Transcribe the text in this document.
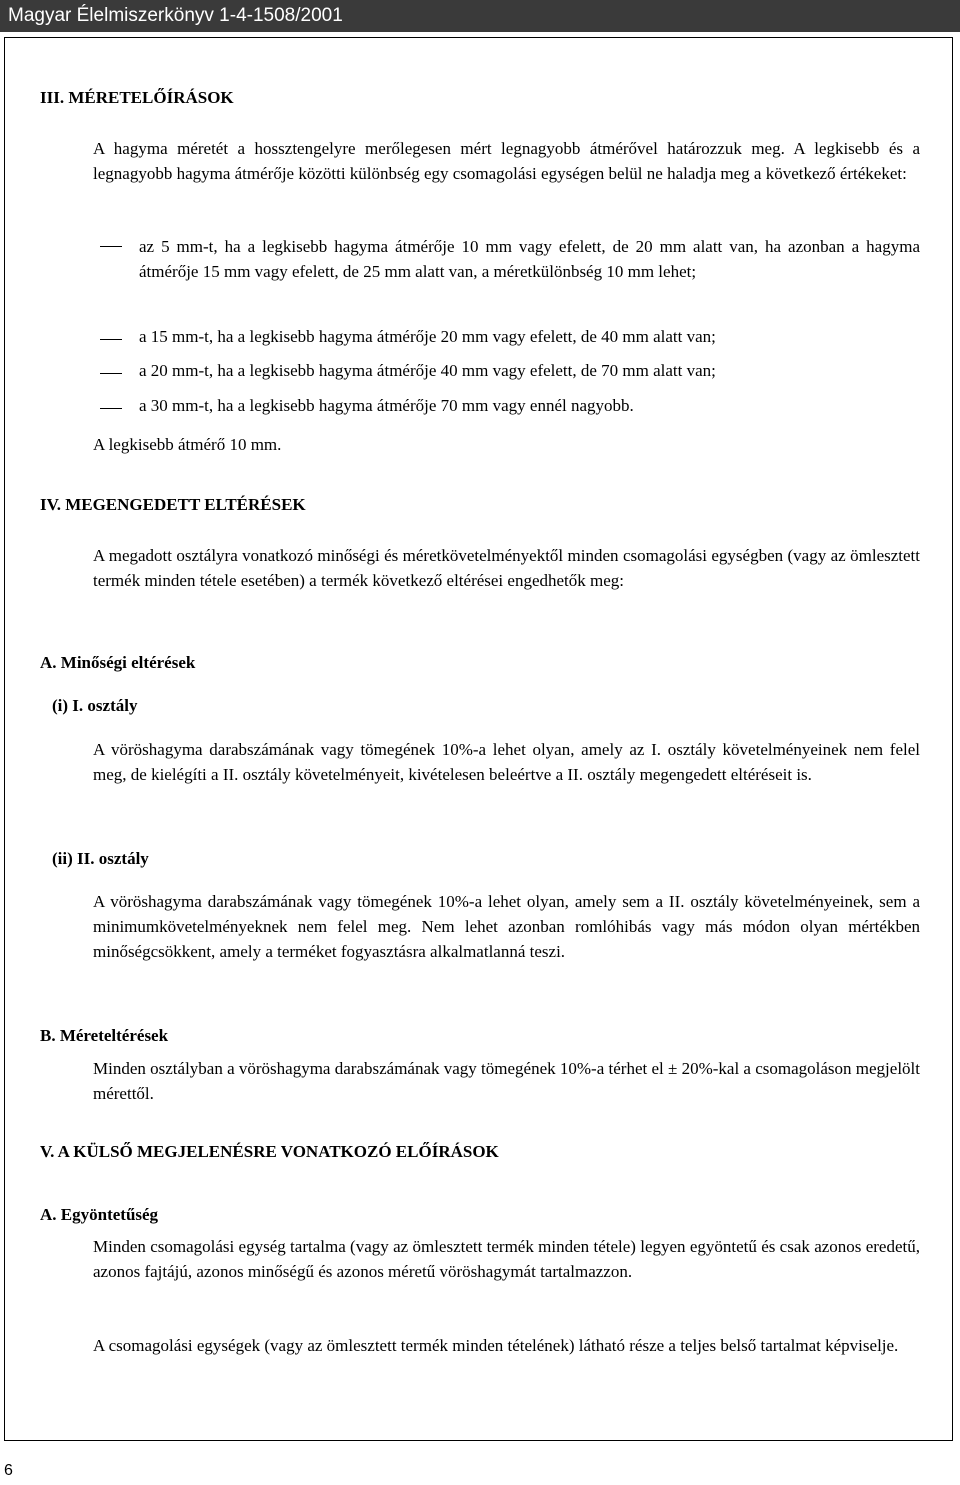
Magyar Élelmiszerkönyv 1-4-1508/2001
III. MÉRETELŐÍRÁSOK
A hagyma méretét a hossztengelyre merőlegesen mért legnagyobb átmérővel határozzuk meg. A legkisebb és a legnagyobb hagyma átmérője közötti különbség egy csomagolási egységen belül ne haladja meg a következő értékeket:
az 5 mm-t, ha a legkisebb hagyma átmérője 10 mm vagy efelett, de 20 mm alatt van, ha azonban a hagyma átmérője 15 mm vagy efelett, de 25 mm alatt van, a méretkülönbség 10 mm lehet;
a 15 mm-t, ha a legkisebb hagyma átmérője 20 mm vagy efelett, de 40 mm alatt van;
a 20 mm-t, ha a legkisebb hagyma átmérője 40 mm vagy efelett, de 70 mm alatt van;
a 30 mm-t, ha a legkisebb hagyma átmérője 70 mm vagy ennél nagyobb.
A legkisebb átmérő 10 mm.
IV. MEGENGEDETT ELTÉRÉSEK
A megadott osztályra vonatkozó minőségi és méretkövetelményektől minden csomagolási egységben (vagy az ömlesztett termék minden tétele esetében) a termék következő eltérései engedhetők meg:
A. Minőségi eltérések
(i) I. osztály
A vöröshagyma darabszámának vagy tömegének 10%-a lehet olyan, amely az I. osztály követelményeinek nem felel meg, de kielégíti a II. osztály követelményeit, kivételesen beleértve a II. osztály megengedett eltéréseit is.
(ii) II. osztály
A vöröshagyma darabszámának vagy tömegének 10%-a lehet olyan, amely sem a II. osztály követelményeinek, sem a minimumkövetelményeknek nem felel meg. Nem lehet azonban romlóhibás vagy más módon olyan mértékben minőségcsökkent, amely a terméket fogyasztásra alkalmatlanná teszi.
B. Méreteltérések
Minden osztályban a vöröshagyma darabszámának vagy tömegének 10%-a térhet el ± 20%-kal a csomagoláson megjelölt mérettől.
V. A KÜLSŐ MEGJELENÉSRE VONATKOZÓ ELŐÍRÁSOK
A. Egyöntetűség
Minden csomagolási egység tartalma (vagy az ömlesztett termék minden tétele) legyen egyöntetű és csak azonos eredetű, azonos fajtájú, azonos minőségű és azonos méretű vöröshagymát tartalmazzon.
A csomagolási egységek (vagy az ömlesztett termék minden tételének) látható része a teljes belső tartalmat képviselje.
6
